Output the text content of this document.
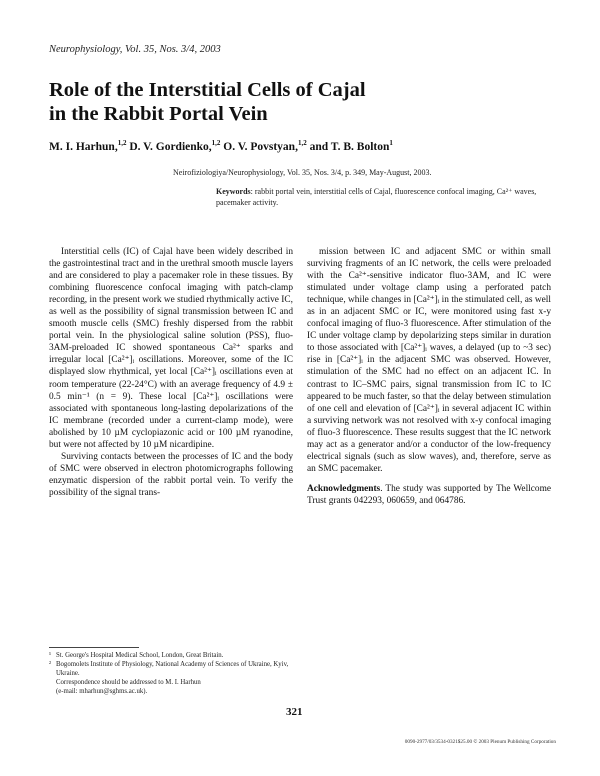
Neurophysiology, Vol. 35, Nos. 3/4, 2003
Role of the Interstitial Cells of Cajal
in the Rabbit Portal Vein
M. I. Harhun,$^{1,2}$ D. V. Gordienko,$^{1,2}$ O. V. Povstyan,$^{1,2}$ and T. B. Bolton$^1$
Neirofiziologiya/Neurophysiology, Vol. 35, Nos. 3/4, p. 349, May-August, 2003.
Keywords: rabbit portal vein, interstitial cells of Cajal, fluorescence confocal imaging, Ca²⁺ waves, pacemaker activity.

Interstitial cells (IC) of Cajal have been widely described in the gastrointestinal tract and in the urethral smooth muscle layers and are considered to play a pacemaker role in these tissues. By combining fluorescence confocal imaging with patch-clamp recording, in the present work we studied rhythmically active IC, as well as the possibility of signal transmission between IC and smooth muscle cells (SMC) freshly dispersed from the rabbit portal vein. In the physiological saline solution (PSS), fluo-3AM-preloaded IC showed spontaneous Ca²⁺ sparks and irregular local [Ca²⁺]ᵢ oscillations. Moreover, some of the IC displayed slow rhythmical, yet local [Ca²⁺]ᵢ oscillations even at room temperature (22-24°C) with an average frequency of 4.9 ± 0.5 min⁻¹ (n = 9). These local [Ca²⁺]ᵢ oscillations were associated with spontaneous long-lasting depolarizations of the IC membrane (recorded under a current-clamp mode), were abolished by 10 µM cyclopiazonic acid or 100 µM ryanodine, but were not affected by 10 µM nicardipine.

Surviving contacts between the processes of IC and the body of SMC were observed in electron photomicrographs following enzymatic dispersion of the rabbit portal vein. To verify the possibility of the signal trans-

mission between IC and adjacent SMC or within small surviving fragments of an IC network, the cells were preloaded with the Ca²⁺-sensitive indicator fluo-3AM, and IC were stimulated under voltage clamp using a perforated patch technique, while changes in [Ca²⁺]ᵢ in the stimulated cell, as well as in an adjacent SMC or IC, were monitored using fast x-y confocal imaging of fluo-3 fluorescence. After stimulation of the IC under voltage clamp by depolarizing steps similar in duration to those associated with [Ca²⁺]ᵢ waves, a delayed (up to ~3 sec) rise in [Ca²⁺]ᵢ in the adjacent SMC was observed. However, stimulation of the SMC had no effect on an adjacent IC. In contrast to IC–SMC pairs, signal transmission from IC to IC appeared to be much faster, so that the delay between stimulation of one cell and elevation of [Ca²⁺]ᵢ in several adjacent IC within a surviving network was not resolved with x-y confocal imaging of fluo-3 fluorescence. These results suggest that the IC network may act as a generator and/or a conductor of the low-frequency electrical signals (such as slow waves), and, therefore, serve as an SMC pacemaker.

Acknowledgments. The study was supported by The Wellcome Trust grants 042293, 060659, and 064786.

¹ St. George's Hospital Medical School, London, Great Britain.
² Bogomolets Institute of Physiology, National Academy of Sciences of Ukraine, Kyiv, Ukraine.
Correspondence should be addressed to M. I. Harhun
(e-mail: mharhun@sghms.ac.uk).
321
0090-2977/03/3534-0321$25.00 © 2003 Plenum Publishing Corporation
